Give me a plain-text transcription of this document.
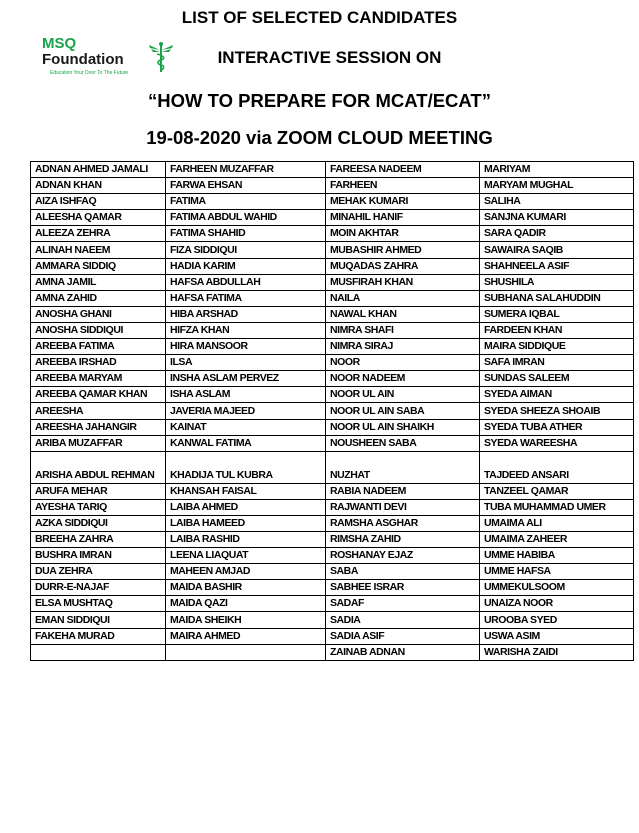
LIST OF SELECTED CANDIDATES
INTERACTIVE SESSION ON
“HOW TO PREPARE FOR MCAT/ECAT”
19-08-2020 via ZOOM CLOUD MEETING
MSQ
Foundation
Education Your Door To The Future
ADNAN AHMED JAMALI	FARHEEN MUZAFFAR	FAREESA NADEEM	MARIYAM
ADNAN KHAN	FARWA EHSAN	FARHEEN	MARYAM MUGHAL
AIZA ISHFAQ	FATIMA	MEHAK KUMARI	SALIHA
ALEESHA QAMAR	FATIMA ABDUL WAHID	MINAHIL HANIF	SANJNA KUMARI
ALEEZA ZEHRA	FATIMA SHAHID	MOIN AKHTAR	SARA QADIR
ALINAH NAEEM	FIZA SIDDIQUI	MUBASHIR AHMED	SAWAIRA SAQIB
AMMARA SIDDIQ	HADIA KARIM	MUQADAS ZAHRA	SHAHNEELA ASIF
AMNA JAMIL	HAFSA ABDULLAH	MUSFIRAH KHAN	SHUSHILA
AMNA ZAHID	HAFSA FATIMA	NAILA	SUBHANA SALAHUDDIN
ANOSHA GHANI	HIBA ARSHAD	NAWAL KHAN	SUMERA IQBAL
ANOSHA SIDDIQUI	HIFZA KHAN	NIMRA SHAFI	FARDEEN KHAN
AREEBA FATIMA	HIRA MANSOOR	NIMRA SIRAJ	MAIRA SIDDIQUE
AREEBA IRSHAD	ILSA	NOOR	SAFA IMRAN
AREEBA MARYAM	INSHA ASLAM PERVEZ	NOOR NADEEM	SUNDAS SALEEM
AREEBA QAMAR KHAN	ISHA ASLAM	NOOR UL AIN	SYEDA AIMAN
AREESHA	JAVERIA MAJEED	NOOR UL AIN SABA	SYEDA SHEEZA SHOAIB
AREESHA JAHANGIR	KAINAT	NOOR UL AIN SHAIKH	SYEDA TUBA ATHER
ARIBA MUZAFFAR	KANWAL FATIMA	NOUSHEEN SABA	SYEDA WAREESHA
ARISHA ABDUL REHMAN	KHADIJA TUL KUBRA	NUZHAT	TAJDEED ANSARI
ARUFA MEHAR	KHANSAH FAISAL	RABIA NADEEM	TANZEEL QAMAR
AYESHA TARIQ	LAIBA AHMED	RAJWANTI DEVI	TUBA MUHAMMAD UMER
AZKA SIDDIQUI	LAIBA HAMEED	RAMSHA ASGHAR	UMAIMA ALI
BREEHA ZAHRA	LAIBA RASHID	RIMSHA ZAHID	UMAIMA ZAHEER
BUSHRA IMRAN	LEENA LIAQUAT	ROSHANAY EJAZ	UMME HABIBA
DUA ZEHRA	MAHEEN AMJAD	SABA	UMME HAFSA
DURR-E-NAJAF	MAIDA BASHIR	SABHEE ISRAR	UMMEKULSOOM
ELSA MUSHTAQ	MAIDA QAZI	SADAF	UNAIZA NOOR
EMAN SIDDIQUI	MAIDA SHEIKH	SADIA	UROOBA SYED
FAKEHA MURAD	MAIRA AHMED	SADIA ASIF	USWA ASIM
		ZAINAB ADNAN	WARISHA ZAIDI
